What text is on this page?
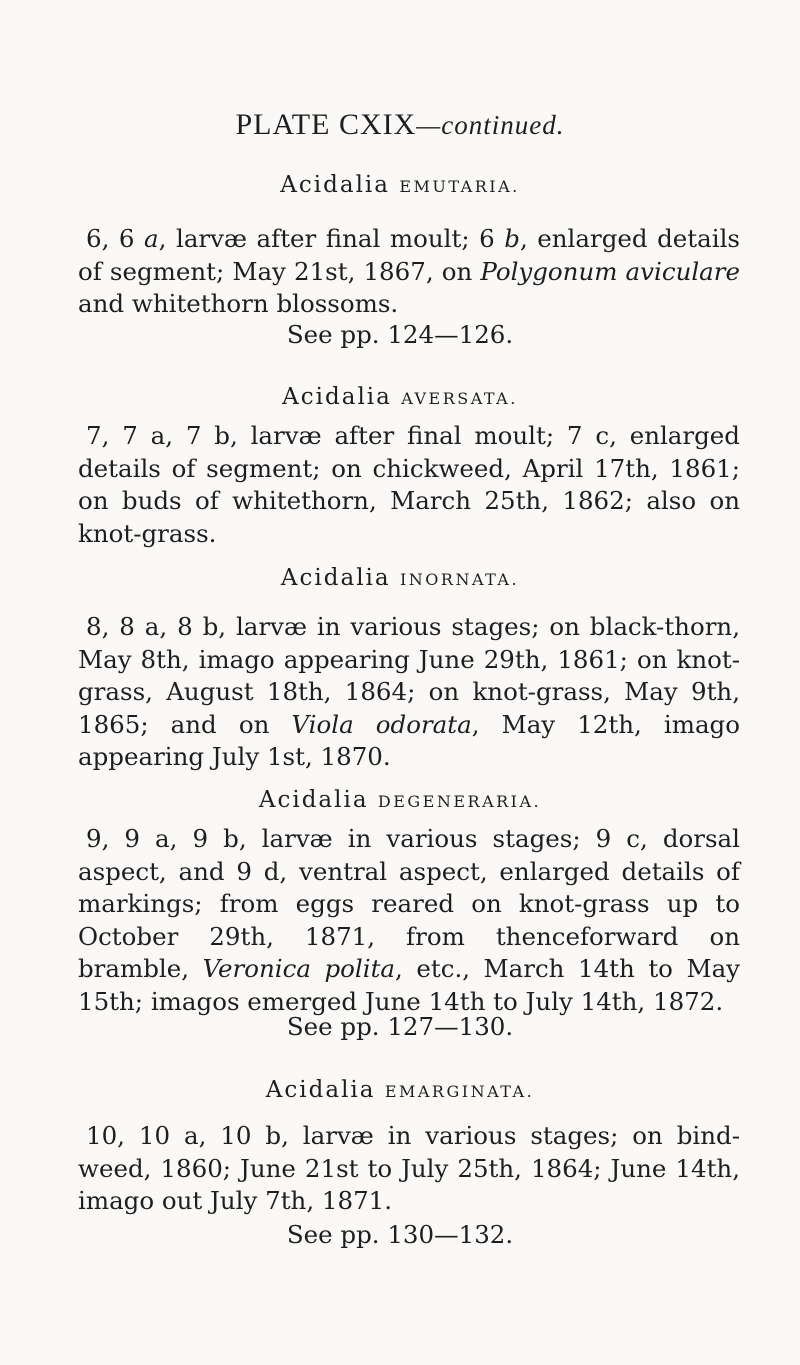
PLATE CXIX—continued.
Acidalia EMUTARIA.
6, 6 a, larvæ after final moult; 6 b, enlarged details of segment; May 21st, 1867, on Polygonum aviculare and whitethorn blossoms.
See pp. 124—126.
Acidalia AVERSATA.
7, 7 a, 7 b, larvæ after final moult; 7 c, enlarged details of segment; on chickweed, April 17th, 1861; on buds of whitethorn, March 25th, 1862; also on knot-grass.
Acidalia INORNATA.
8, 8 a, 8 b, larvæ in various stages; on black-thorn, May 8th, imago appearing June 29th, 1861; on knot-grass, August 18th, 1864; on knot-grass, May 9th, 1865; and on Viola odorata, May 12th, imago appearing July 1st, 1870.
Acidalia DEGENERARIA.
9, 9 a, 9 b, larvæ in various stages; 9 c, dorsal aspect, and 9 d, ventral aspect, enlarged details of markings; from eggs reared on knot-grass up to October 29th, 1871, from thenceforward on bramble, Veronica polita, etc., March 14th to May 15th; imagos emerged June 14th to July 14th, 1872.
See pp. 127—130.
Acidalia EMARGINATA.
10, 10 a, 10 b, larvæ in various stages; on bind-weed, 1860; June 21st to July 25th, 1864; June 14th, imago out July 7th, 1871.
See pp. 130—132.
